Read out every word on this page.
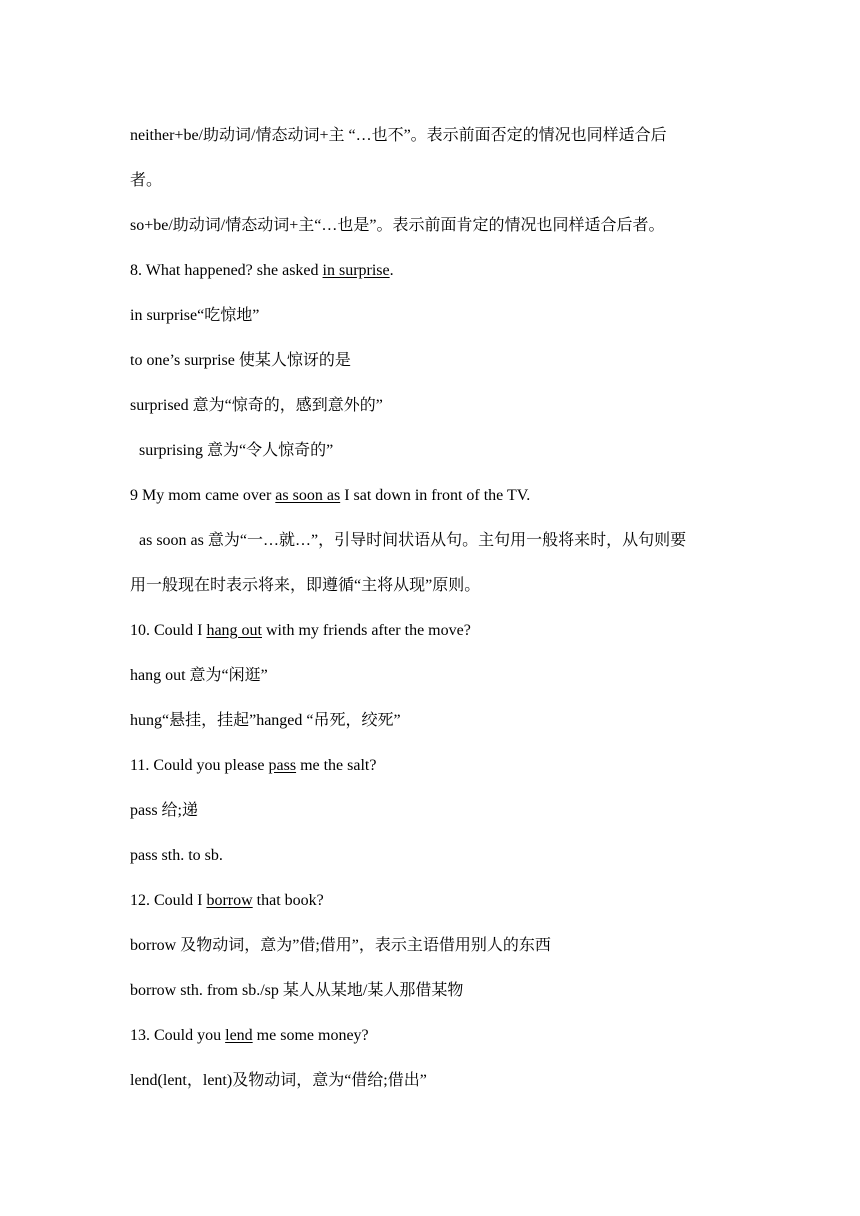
neither+be/助动词/情态动词+主 “…也不”。表示前面否定的情况也同样适合后
者。
so+be/助动词/情态动词+主“…也是”。表示前面肯定的情况也同样适合后者。
8. What happened? she asked in surprise.
in surprise“吃惊地”
to one’s surprise 使某人惊讶的是
surprised 意为“惊奇的，感到意外的”
surprising 意为“令人惊奇的”
9 My mom came over as soon as I sat down in front of the TV.
as soon as 意为“一…就…”，引导时间状语从句。主句用一般将来时，从句则要
用一般现在时表示将来，即遵循“主将从现”原则。
10. Could I hang out with my friends after the move?
hang out 意为“闲逛”
hung“悬挂，挂起”hanged “吊死，绞死”
11. Could you please pass me the salt?
pass 给;递
pass sth. to sb.
12. Could I borrow that book?
borrow 及物动词，意为”借;借用”，表示主语借用别人的东西
borrow sth. from sb./sp 某人从某地/某人那借某物
13. Could you lend me some money?
lend(lent，lent)及物动词，意为“借给;借出”
